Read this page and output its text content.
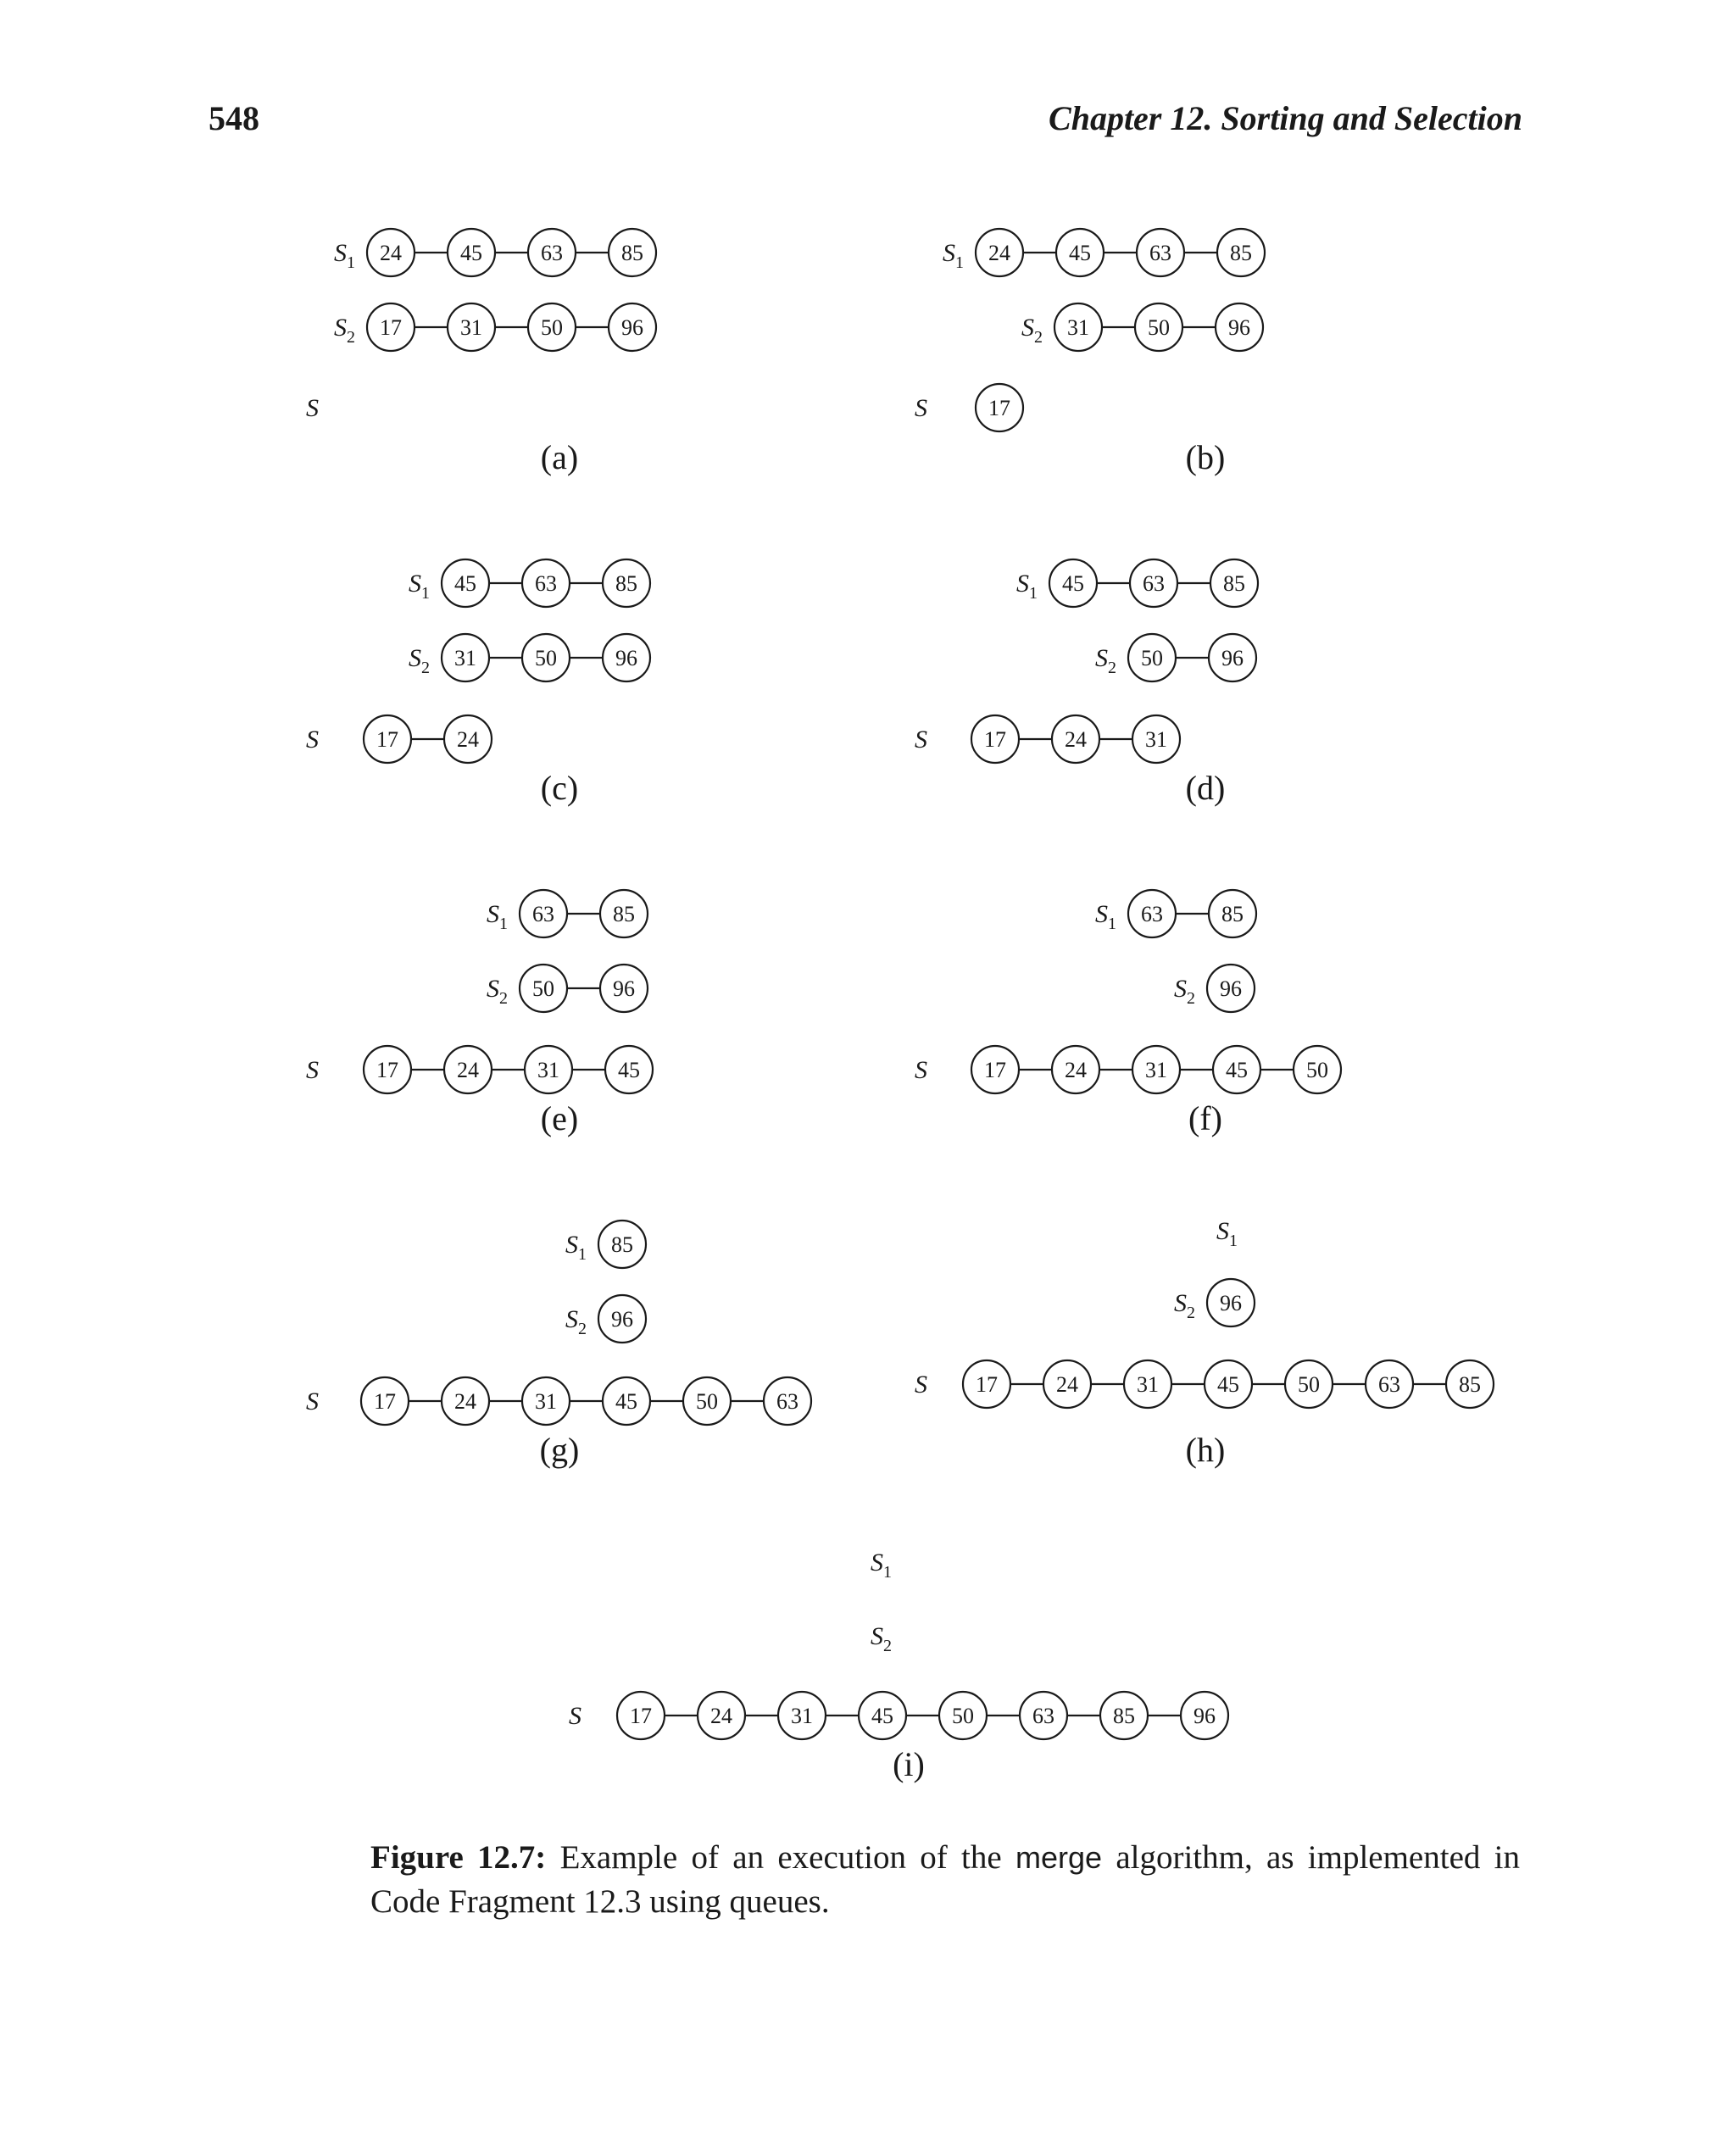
548	Chapter 12. Sorting and Selection
$S_1$ 24	45	63	85
$S_2$ 17	31	50	96
S
(a)
$S_1$ 24	45	63	85
$S_2$ 31	50	96
S	17
(b)
$S_1$ 45	63	85
$S_2$ 31	50	96
S	17	24
(c)
$S_1$ 45	63	85
$S_2$ 50	96
S	17	24	31
(d)
$S_1$ 63	85
$S_2$ 50	96
S	17	24	31	45
(e)
$S_1$ 63	85
$S_2$ 96
S	17	24	31	45	50
(f)
$S_1$ 85
$S_2$ 96
S	17	24	31	45	50	63
(g)
$S_1$
$S_2$ 96
S 17	24	31	45	50	63	85
(h)
$S_1$
$S_2$
S 17	24	31	45	50	63	85	96
(i)
Figure 12.7: Example of an execution of the merge algorithm, as implemented in Code Fragment 12.3 using queues.
